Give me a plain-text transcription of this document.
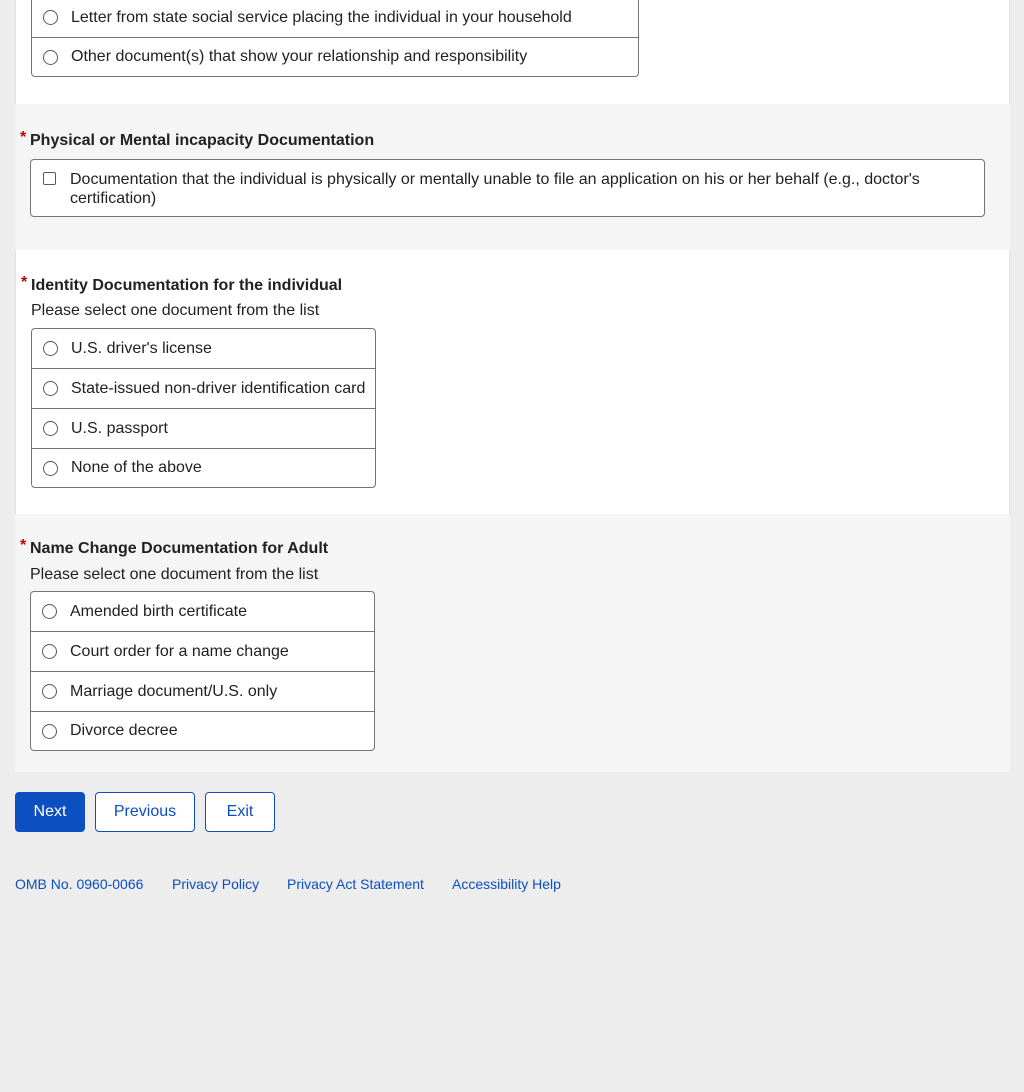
Letter from state social service placing the individual in your household
Other document(s) that show your relationship and responsibility
* Physical or Mental incapacity Documentation
Documentation that the individual is physically or mentally unable to file an application on his or her behalf (e.g., doctor's certification)
* Identity Documentation for the individual
Please select one document from the list
U.S. driver's license
State-issued non-driver identification card
U.S. passport
None of the above
* Name Change Documentation for Adult
Please select one document from the list
Amended birth certificate
Court order for a name change
Marriage document/U.S. only
Divorce decree
Next	Previous	Exit
OMB No. 0960-0066 Privacy Policy Privacy Act Statement Accessibility Help
